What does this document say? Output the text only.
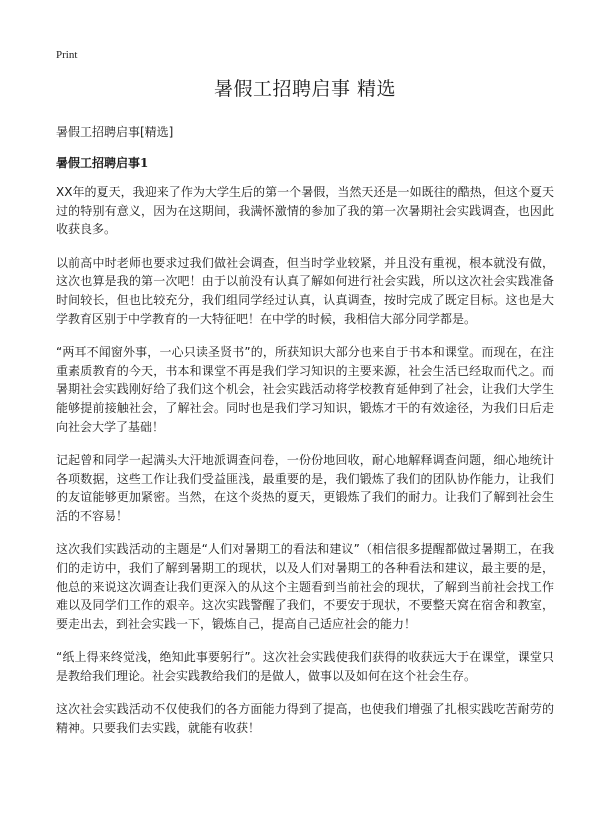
Print
暑假工招聘启事 精选
暑假工招聘启事[精选]
暑假工招聘启事1

XX年的夏天，我迎来了作为大学生后的第一个暑假，当然天还是一如既往的酷热，但这个夏天过的特别有意义，因为在这期间，我满怀激情的参加了我的第一次暑期社会实践调查，也因此收获良多。

以前高中时老师也要求过我们做社会调查，但当时学业较紧，并且没有重视，根本就没有做，这次也算是我的第一次吧！由于以前没有认真了解如何进行社会实践，所以这次社会实践准备时间较长，但也比较充分，我们组同学经过认真，认真调查，按时完成了既定目标。这也是大学教育区别于中学教育的一大特征吧！在中学的时候，我相信大部分同学都是。

“两耳不闻窗外事，一心只读圣贤书”的，所获知识大部分也来自于书本和课堂。而现在，在注重素质教育的今天，书本和课堂不再是我们学习知识的主要来源，社会生活已经取而代之。而暑期社会实践刚好给了我们这个机会，社会实践活动将学校教育延伸到了社会，让我们大学生能够提前接触社会，了解社会。同时也是我们学习知识，锻炼才干的有效途径，为我们日后走向社会大学了基础！

记起曾和同学一起满头大汗地派调查问卷，一份份地回收，耐心地解释调查问题，细心地统计各项数据，这些工作让我们受益匪浅，最重要的是，我们锻炼了我们的团队协作能力，让我们的友谊能够更加紧密。当然，在这个炎热的夏天，更锻炼了我们的耐力。让我们了解到社会生活的不容易！

这次我们实践活动的主题是“人们对暑期工的看法和建议”（相信很多提醒都做过暑期工，在我们的走访中，我们了解到暑期工的现状，以及人们对暑期工的各种看法和建议，最主要的是，他总的来说这次调查让我们更深入的从这个主题看到当前社会的现状，了解到当前社会找工作难以及同学们工作的艰辛。这次实践警醒了我们，不要安于现状，不要整天窝在宿舍和教室，要走出去，到社会实践一下，锻炼自己，提高自己适应社会的能力！

“纸上得来终觉浅，绝知此事要躬行”。这次社会实践使我们获得的收获远大于在课堂，课堂只是教给我们理论。社会实践教给我们的是做人，做事以及如何在这个社会生存。

这次社会实践活动不仅使我们的各方面能力得到了提高，也使我们增强了扎根实践吃苦耐劳的精神。只要我们去实践，就能有收获！
